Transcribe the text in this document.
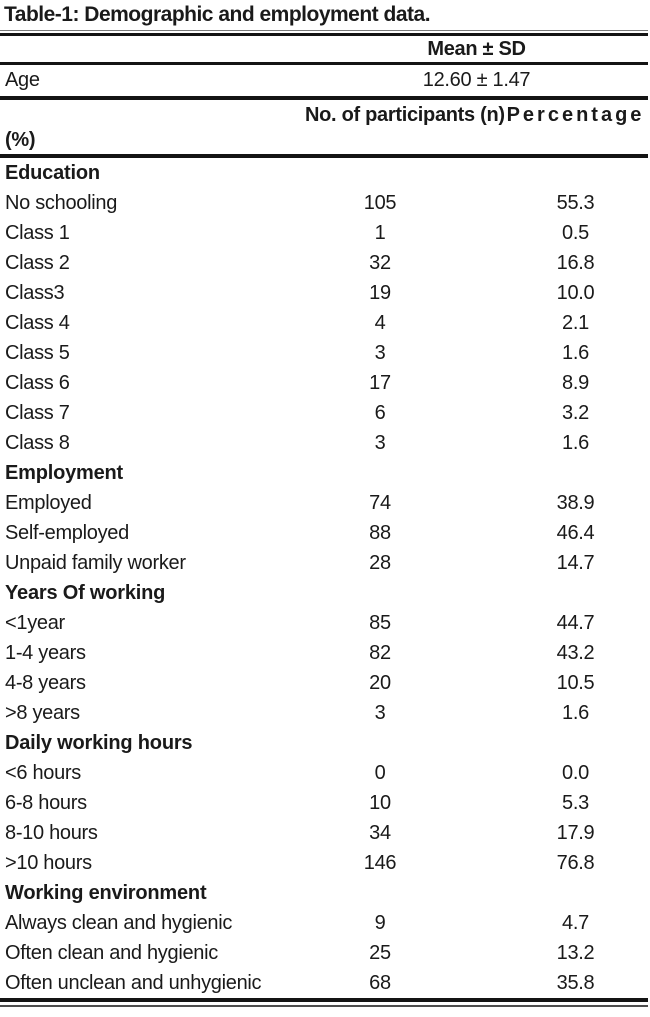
Table-1: Demographic and employment data.
Mean ± SD
Age	12.60 ± 1.47
No. of participants (n) Percentage
(%)
Education
No schooling	105	55.3
Class 1	1	0.5
Class 2	32	16.8
Class3	19	10.0
Class 4	4	2.1
Class 5	3	1.6
Class 6	17	8.9
Class 7	6	3.2
Class 8	3	1.6
Employment
Employed	74	38.9
Self-employed	88	46.4
Unpaid family worker	28	14.7
Years Of working
<1year	85	44.7
1-4 years	82	43.2
4-8 years	20	10.5
>8 years	3	1.6
Daily working hours
<6 hours	0	0.0
6-8 hours	10	5.3
8-10 hours	34	17.9
>10 hours	146	76.8
Working environment
Always clean and hygienic	9	4.7
Often clean and hygienic	25	13.2
Often unclean and unhygienic	68	35.8
